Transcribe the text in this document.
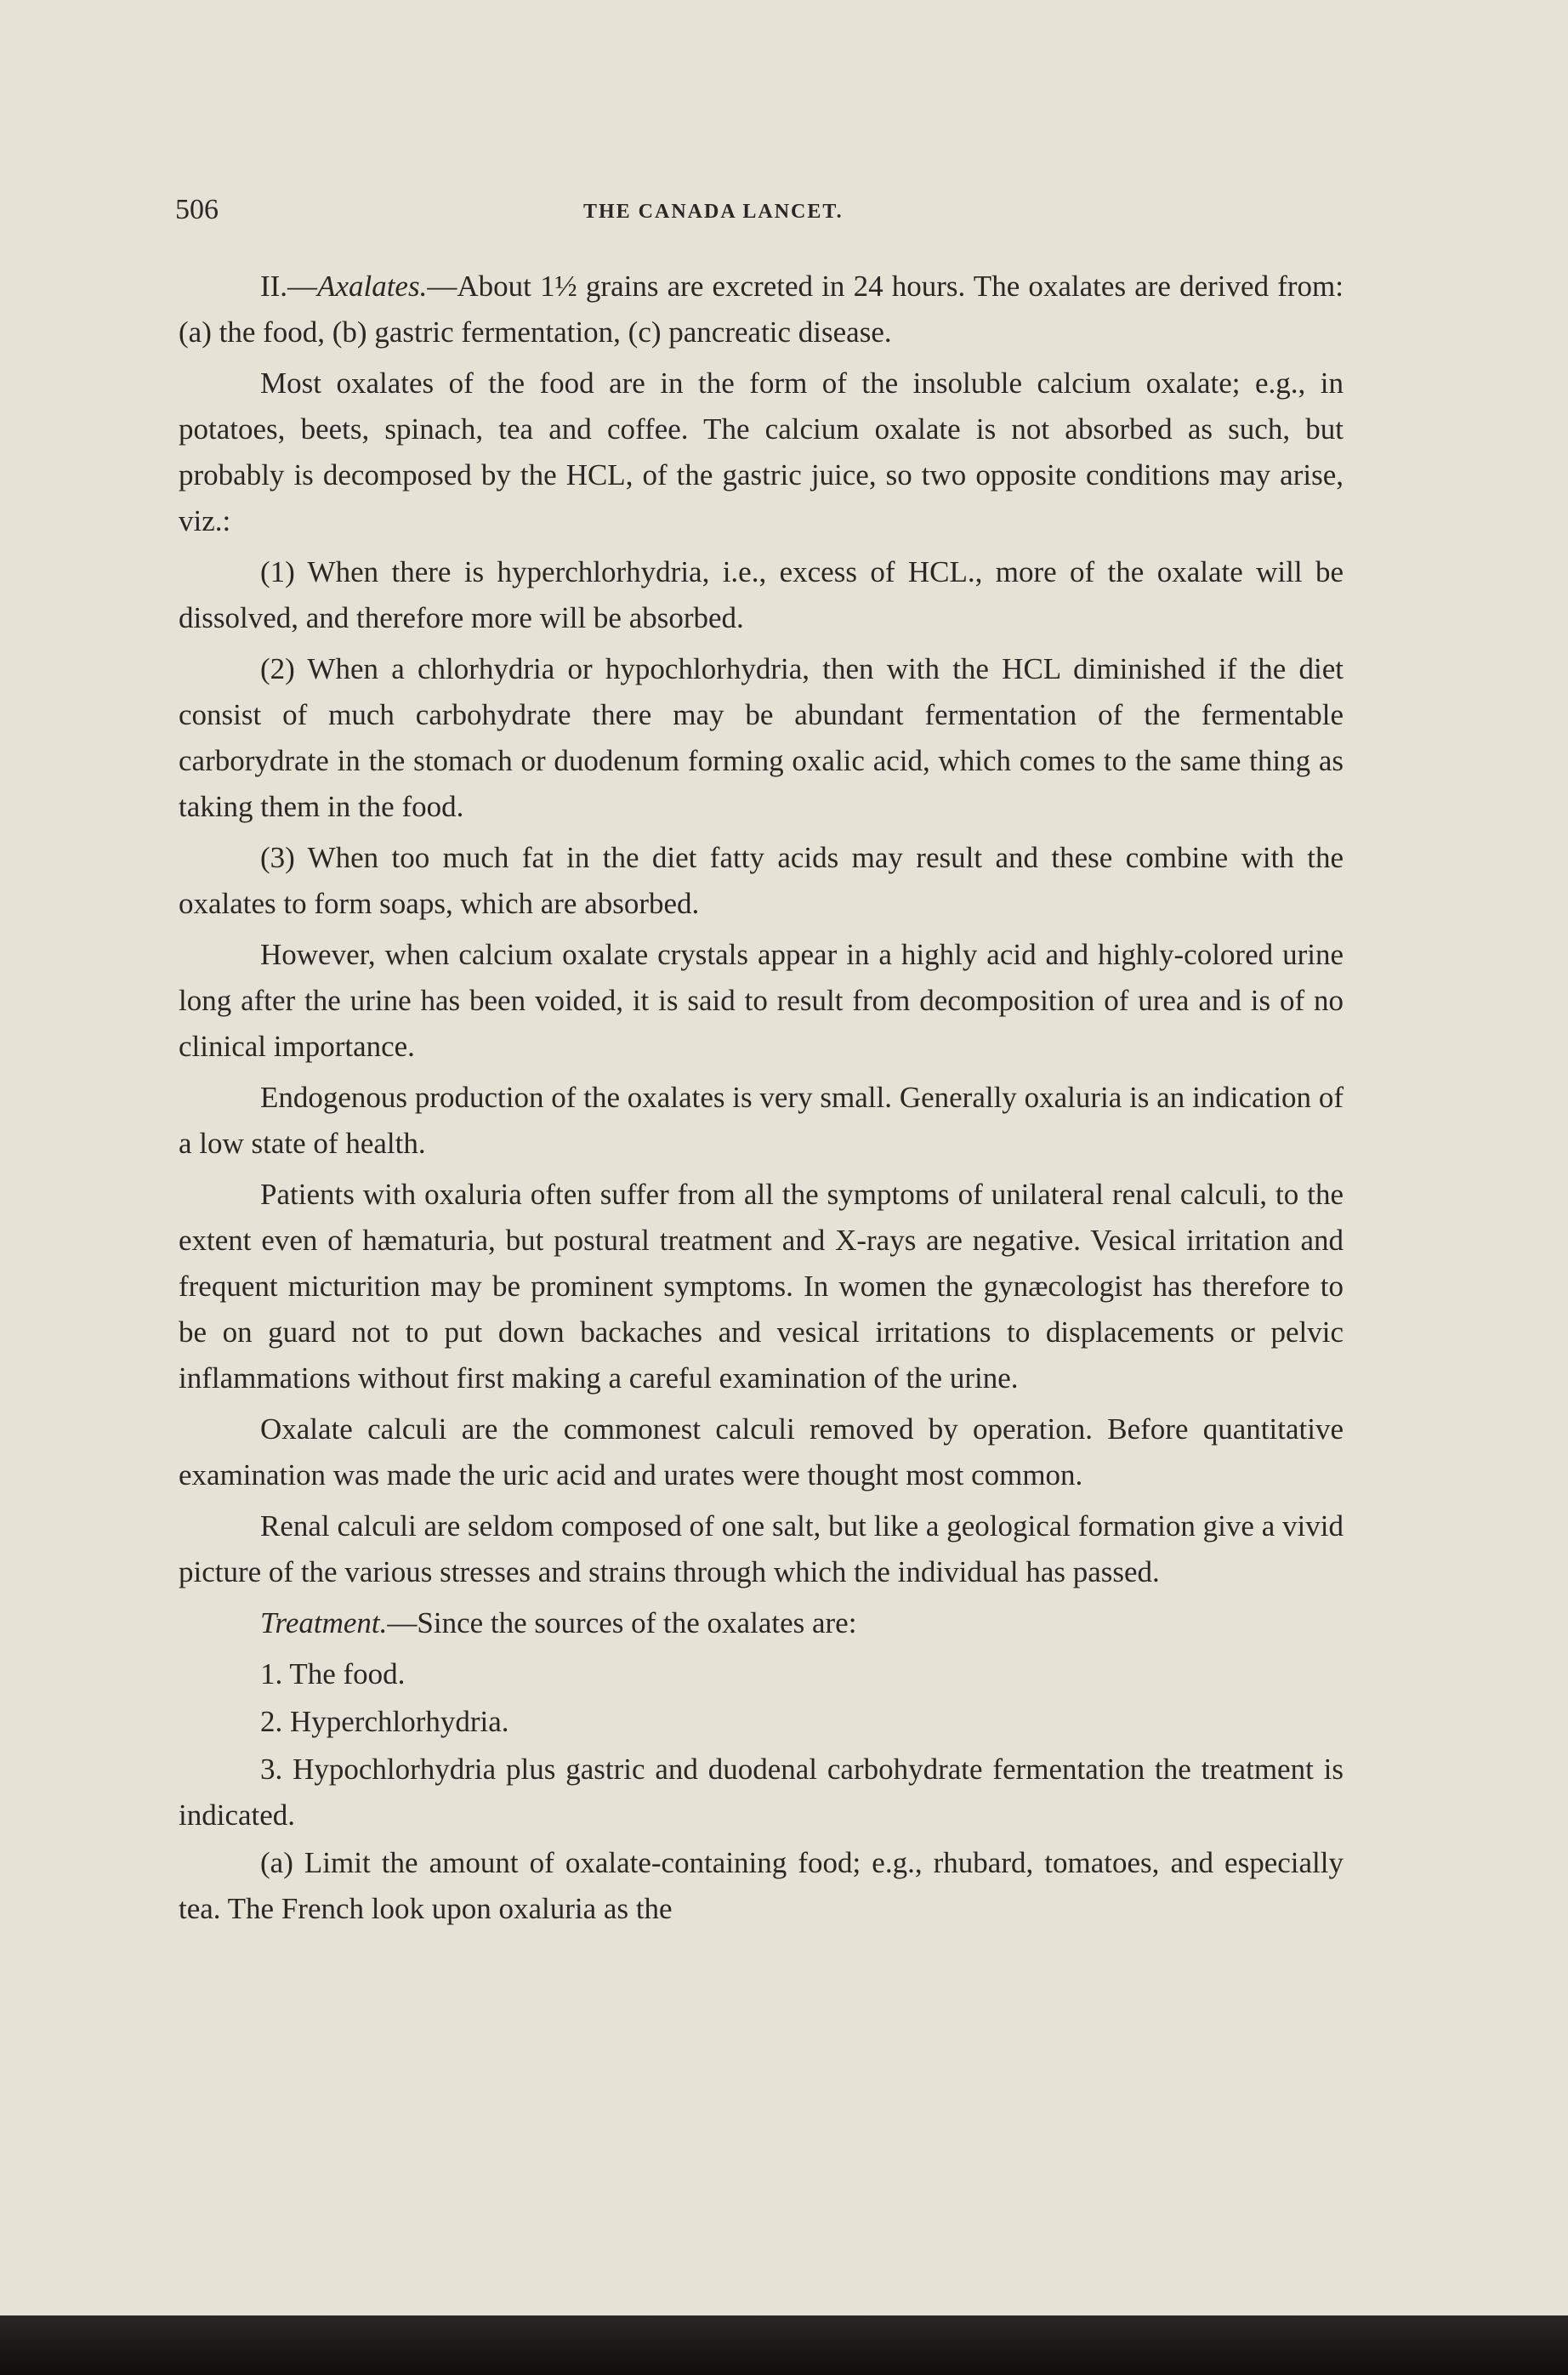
506	THE CANADA LANCET.

II.—Axalates.—About 1½ grains are excreted in 24 hours. The oxalates are derived from: (a) the food, (b) gastric fermentation, (c) pancreatic disease.

Most oxalates of the food are in the form of the insoluble calcium oxalate; e.g., in potatoes, beets, spinach, tea and coffee. The calcium oxalate is not absorbed as such, but probably is decomposed by the HCL, of the gastric juice, so two opposite conditions may arise, viz.:

(1) When there is hyperchlorhydria, i.e., excess of HCL., more of the oxalate will be dissolved, and therefore more will be absorbed.

(2) When a chlorhydria or hypochlorhydria, then with the HCL diminished if the diet consist of much carbohydrate there may be abundant fermentation of the fermentable carborydrate in the stomach or duodenum forming oxalic acid, which comes to the same thing as taking them in the food.

(3) When too much fat in the diet fatty acids may result and these combine with the oxalates to form soaps, which are absorbed.

However, when calcium oxalate crystals appear in a highly acid and highly-colored urine long after the urine has been voided, it is said to result from decomposition of urea and is of no clinical importance.

Endogenous production of the oxalates is very small. Generally oxaluria is an indication of a low state of health.

Patients with oxaluria often suffer from all the symptoms of unilateral renal calculi, to the extent even of hæmaturia, but postural treatment and X-rays are negative. Vesical irritation and frequent micturition may be prominent symptoms. In women the gynæcologist has therefore to be on guard not to put down backaches and vesical irritations to displacements or pelvic inflammations without first making a careful examination of the urine.

Oxalate calculi are the commonest calculi removed by operation. Before quantitative examination was made the uric acid and urates were thought most common.

Renal calculi are seldom composed of one salt, but like a geological formation give a vivid picture of the various stresses and strains through which the individual has passed.

Treatment.—Since the sources of the oxalates are:

1. The food.

2. Hyperchlorhydria.

3. Hypochlorhydria plus gastric and duodenal carbohydrate fermentation the treatment is indicated.

(a) Limit the amount of oxalate-containing food; e.g., rhubard, tomatoes, and especially tea. The French look upon oxaluria as the
